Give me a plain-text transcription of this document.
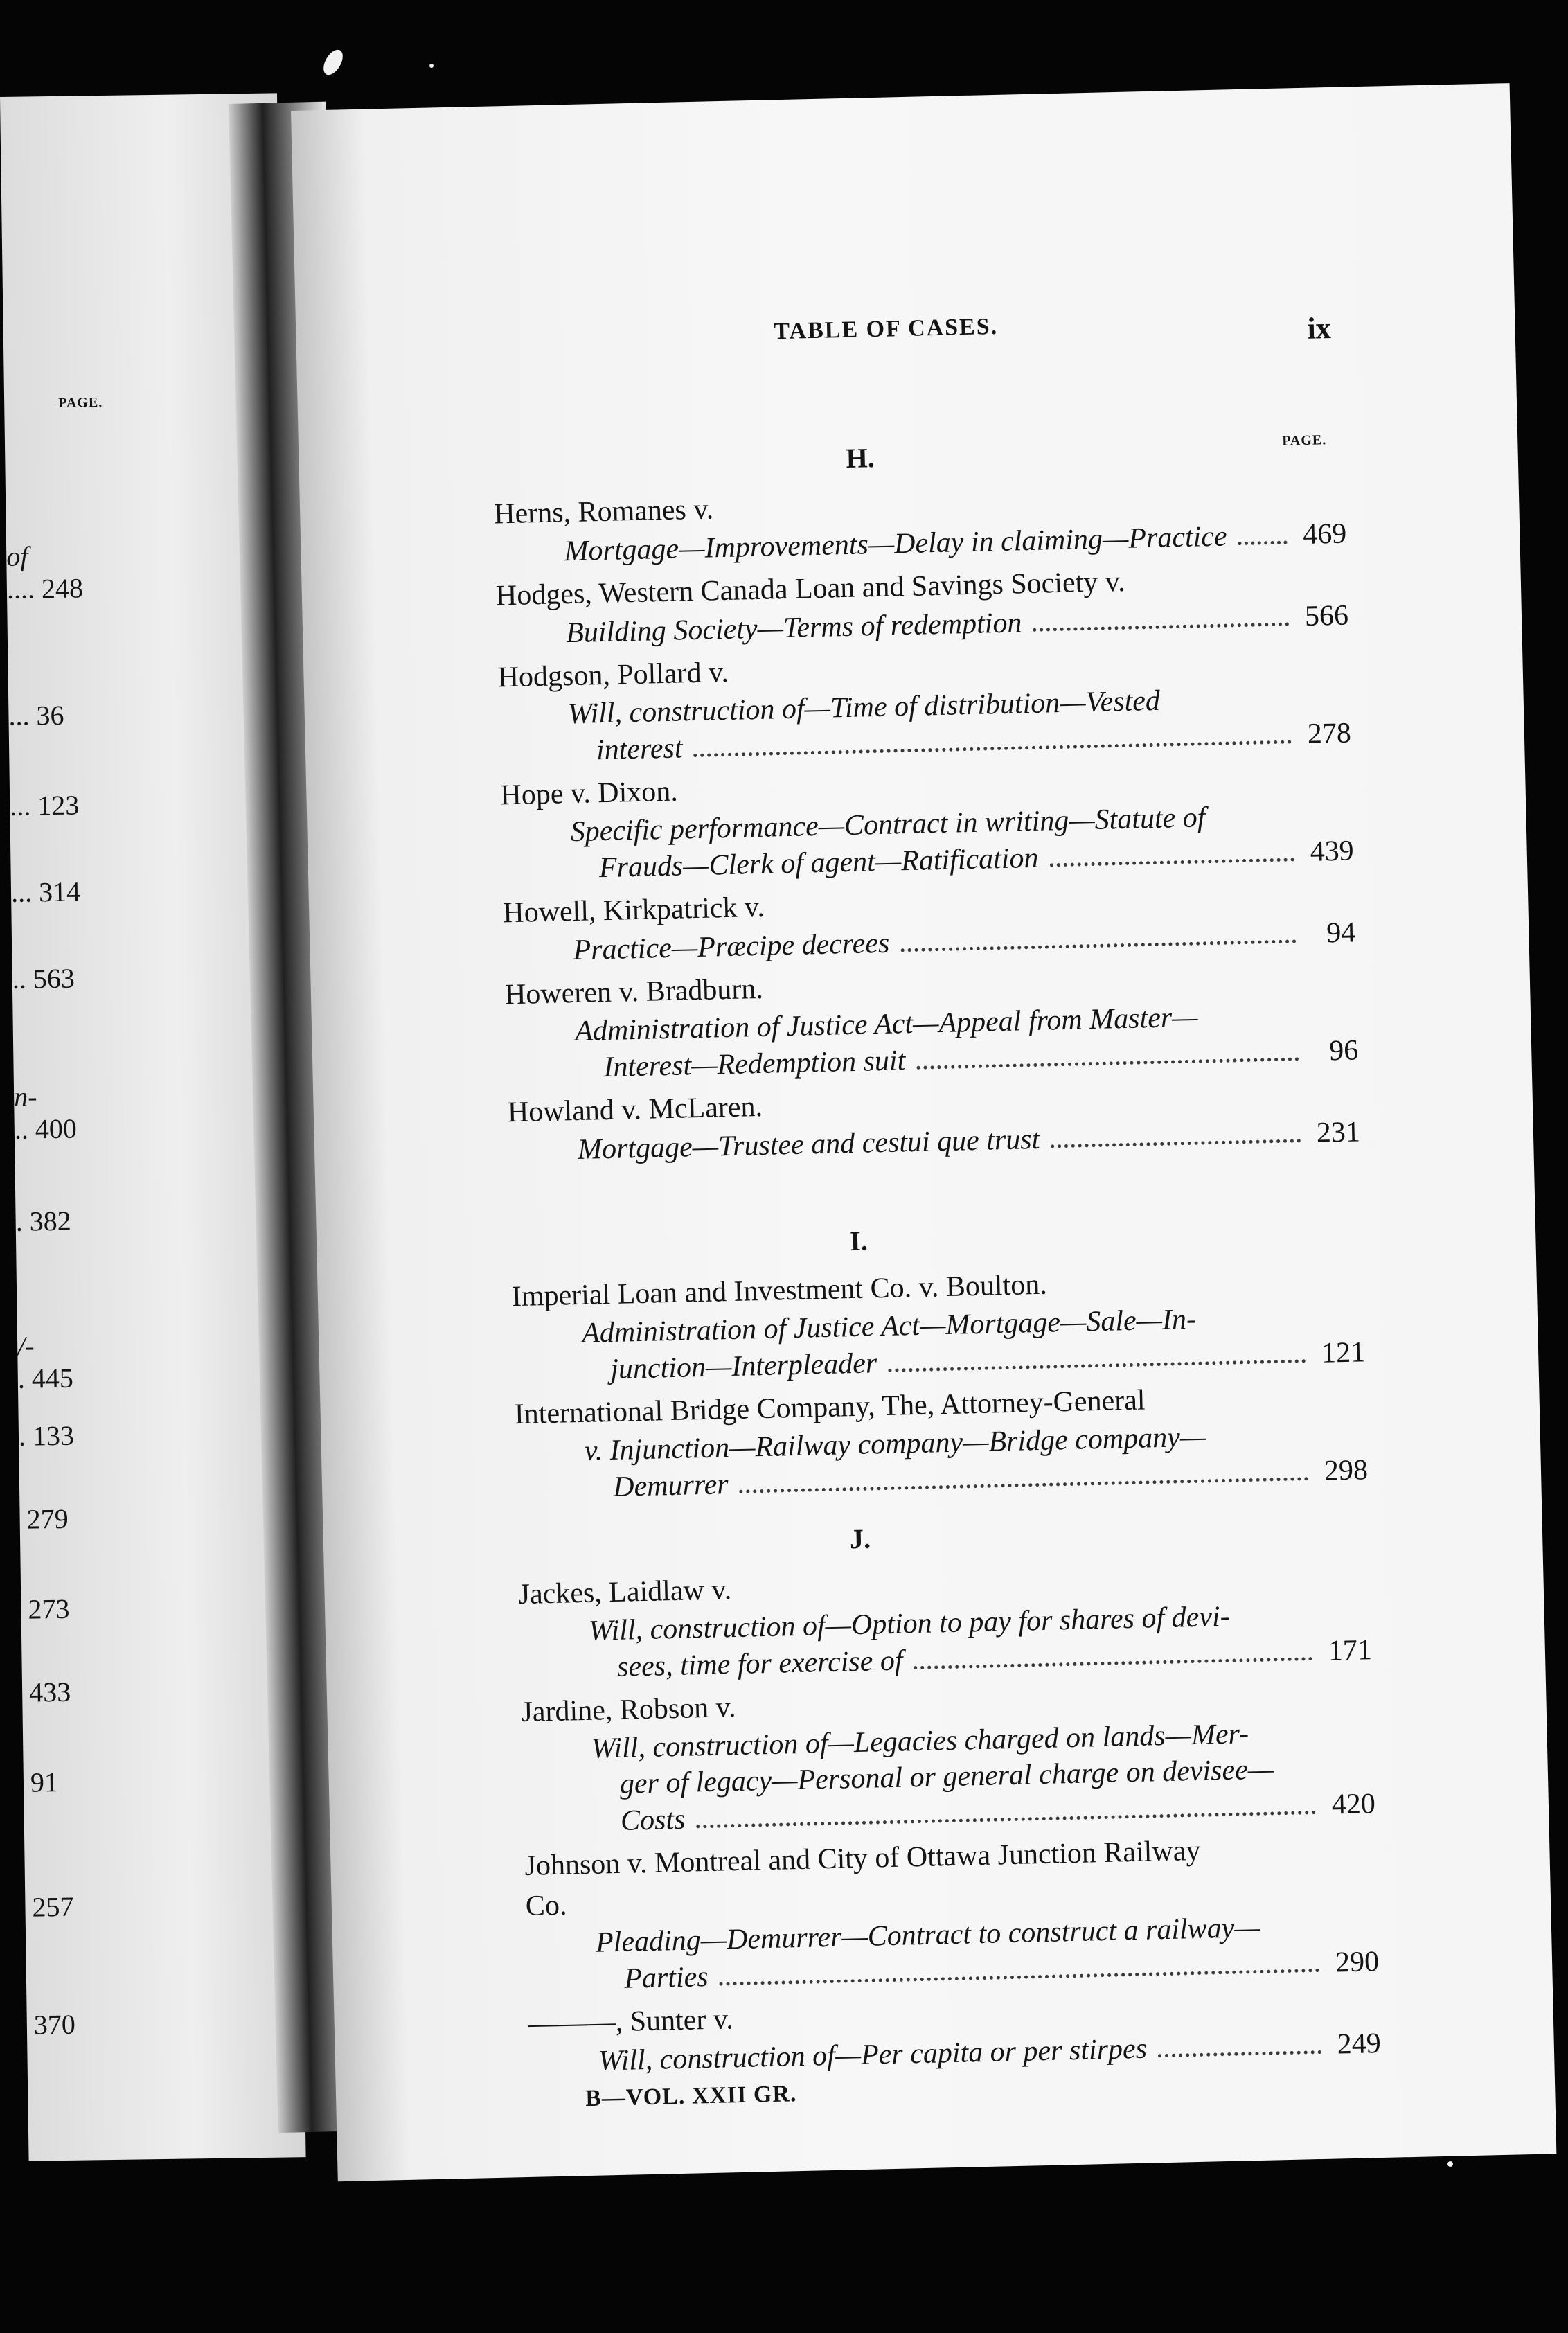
PAGE.
of
.... 248
... 36
... 123
... 314
.. 563
n-
.. 400
. 382
/-
. 445
. 133
279
273
433
91
257
370
TABLE OF CASES.	ix
PAGE.
H.
Herns, Romanes v.
Mortgage—Improvements—Delay in claiming—Practice	469
Hodges, Western Canada Loan and Savings Society v.
Building Society—Terms of redemption	566
Hodgson, Pollard v.
Will, construction of—Time of distribution—Vested
interest	278
Hope v. Dixon.
Specific performance—Contract in writing—Statute of
Frauds—Clerk of agent—Ratification	439
Howell, Kirkpatrick v.
Practice—Præcipe decrees	94
Howeren v. Bradburn.
Administration of Justice Act—Appeal from Master—
Interest—Redemption suit	96
Howland v. McLaren.
Mortgage—Trustee and cestui que trust	231
I.
Imperial Loan and Investment Co. v. Boulton.
Administration of Justice Act—Mortgage—Sale—In-
junction—Interpleader	121
International Bridge Company, The, Attorney-General
v. Injunction—Railway company—Bridge company—
Demurrer	298
J.
Jackes, Laidlaw v.
Will, construction of—Option to pay for shares of devi-
sees, time for exercise of	171
Jardine, Robson v.
Will, construction of—Legacies charged on lands—Mer-
ger of legacy—Personal or general charge on devisee—
Costs	420
Johnson v. Montreal and City of Ottawa Junction Railway
Co.
Pleading—Demurrer—Contract to construct a railway—
Parties	290
———, Sunter v.
Will, construction of—Per capita or per stirpes	249
B—VOL. XXII GR.
